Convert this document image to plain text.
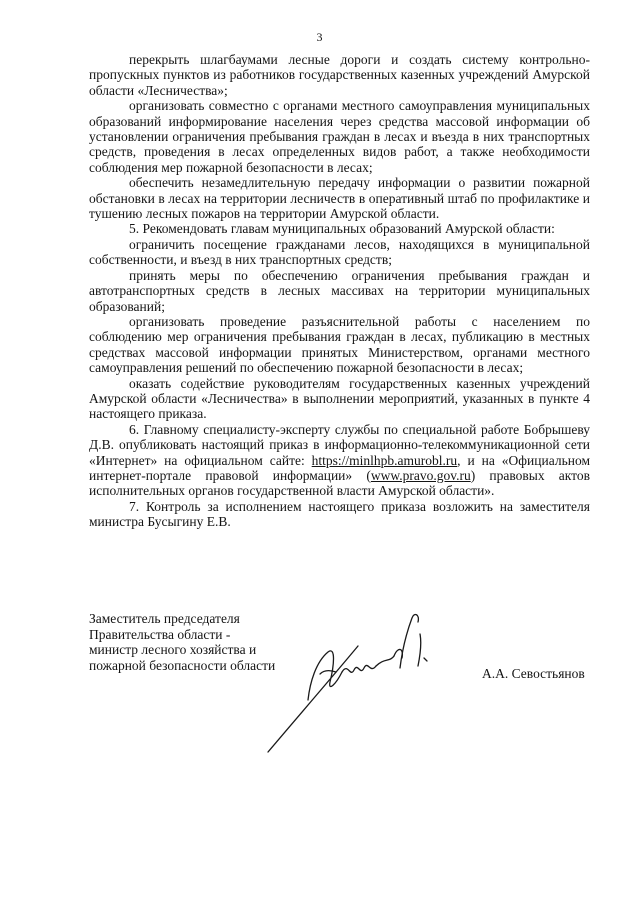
3

перекрыть шлагбаумами лесные дороги и создать систему контрольно-пропускных пунктов из работников государственных казенных учреждений Амурской области «Лесничества»;

организовать совместно с органами местного самоуправления муниципальных образований информирование населения через средства массовой информации об установлении ограничения пребывания граждан в лесах и въезда в них транспортных средств, проведения в лесах определенных видов работ, а также необходимости соблюдения мер пожарной безопасности в лесах;

обеспечить незамедлительную передачу информации о развитии пожарной обстановки в лесах на территории лесничеств в оперативный штаб по профилактике и тушению лесных пожаров на территории Амурской области.

5. Рекомендовать главам муниципальных образований Амурской области:

ограничить посещение гражданами лесов, находящихся в муниципальной собственности, и въезд в них транспортных средств;

принять меры по обеспечению ограничения пребывания граждан и автотранспортных средств в лесных массивах на территории муниципальных образований;

организовать проведение разъяснительной работы с населением по соблюдению мер ограничения пребывания граждан в лесах, публикацию в местных средствах массовой информации принятых Министерством, органами местного самоуправления решений по обеспечению пожарной безопасности в лесах;

оказать содействие руководителям государственных казенных учреждений Амурской области «Лесничества» в выполнении мероприятий, указанных в пункте 4 настоящего приказа.

6. Главному специалисту-эксперту службы по специальной работе Бобрышеву Д.В. опубликовать настоящий приказ в информационно-телекоммуникационной сети «Интернет» на официальном сайте: https://minlhpb.amurobl.ru, и на «Официальном интернет-портале правовой информации» (www.pravo.gov.ru) правовых актов исполнительных органов государственной власти Амурской области».

7. Контроль за исполнением настоящего приказа возложить на заместителя министра Бусыгину Е.В.

Заместитель председателя
Правительства области -
министр лесного хозяйства и
пожарной безопасности области
А.А. Севостьянов
